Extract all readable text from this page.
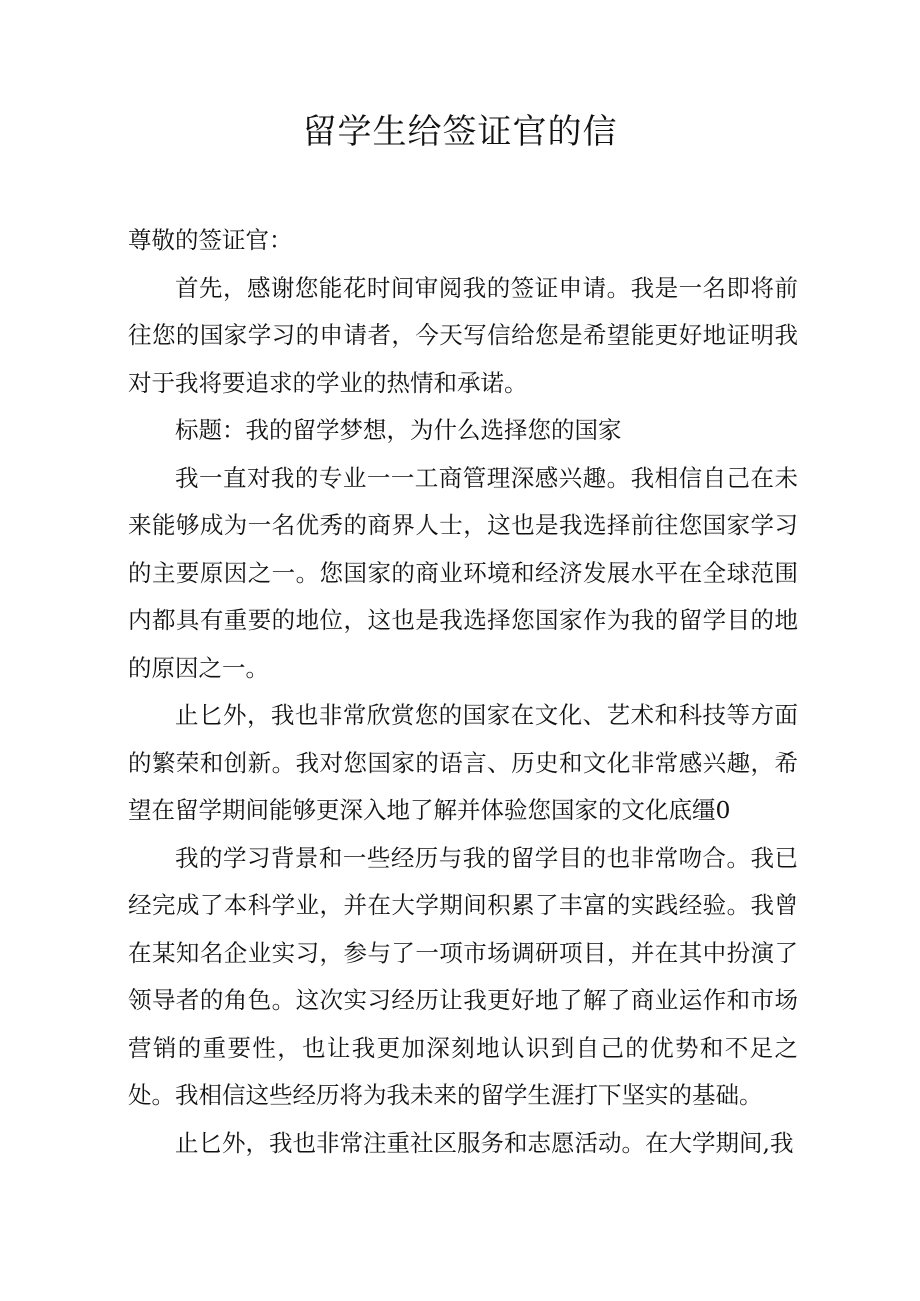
留学生给签证官的信

尊敬的签证官：

首先，感谢您能花时间审阅我的签证申请。我是一名即将前往您的国家学习的申请者，今天写信给您是希望能更好地证明我对于我将要追求的学业的热情和承诺。

标题：我的留学梦想，为什么选择您的国家

我一直对我的专业一一工商管理深感兴趣。我相信自己在未来能够成为一名优秀的商界人士，这也是我选择前往您国家学习的主要原因之一。您国家的商业环境和经济发展水平在全球范围内都具有重要的地位，这也是我选择您国家作为我的留学目的地的原因之一。

止匕外，我也非常欣赏您的国家在文化、艺术和科技等方面的繁荣和创新。我对您国家的语言、历史和文化非常感兴趣，希望在留学期间能够更深入地了解并体验您国家的文化底缰0

我的学习背景和一些经历与我的留学目的也非常吻合。我已经完成了本科学业，并在大学期间积累了丰富的实践经验。我曾在某知名企业实习，参与了一项市场调研项目，并在其中扮演了领导者的角色。这次实习经历让我更好地了解了商业运作和市场营销的重要性，也让我更加深刻地认识到自己的优势和不足之处。我相信这些经历将为我未来的留学生涯打下坚实的基础。

止匕外，我也非常注重社区服务和志愿活动。在大学期间,我
